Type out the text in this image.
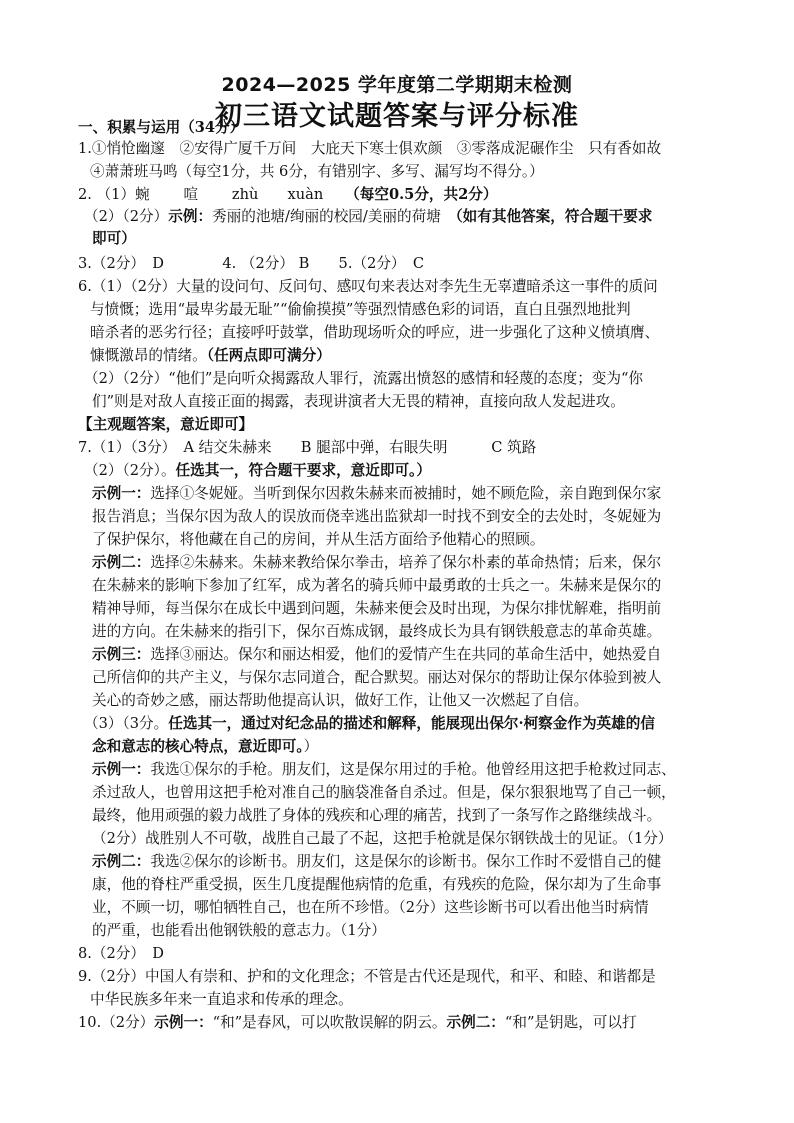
2024—2025 学年度第二学期期末检测
初三语文试题答案与评分标准
一、积累与运用（34分）
1.①悄怆幽邃　②安得广厦千万间　大庇天下寒士俱欢颜　③零落成泥碾作尘　只有香如故
④萧萧班马鸣（每空1分，共 6分，有错别字、多写、漏写均不得分。）
2. （1）蜿　　 喧　　 zhù　　xuàn　　（每空0.5分，共2分）
（2）（2分）示例：秀丽的池塘/绚丽的校园/美丽的荷塘　（如有其他答案，符合题干要求
即可）
3.（2分）　D　　　　4. （2分） B　　5.（2分）　C
6.（1）（2分）大量的设问句、反问句、感叹句来表达对李先生无辜遭暗杀这一事件的质问
与愤慨；选用“最卑劣最无耻”“偷偷摸摸”等强烈情感色彩的词语，直白且强烈地批判
暗杀者的恶劣行径；直接呼吁鼓掌，借助现场听众的呼应，进一步强化了这种义愤填膺、
慷慨激昂的情绪。（任两点即可满分）
（2）（2分）“他们”是向听众揭露敌人罪行，流露出愤怒的感情和轻蔑的态度；变为“你
们”则是对敌人直接正面的揭露，表现讲演者大无畏的精神，直接向敌人发起进攻。
【主观题答案，意近即可】
7.（1）（3分）　A 结交朱赫来　　B 腿部中弹，右眼失明　　　C 筑路
（2）（2分）。任选其一，符合题干要求，意近即可。）
示例一：选择①冬妮娅。当听到保尔因救朱赫来而被捕时，她不顾危险，亲自跑到保尔家
报告消息；当保尔因为敌人的误放而侥幸逃出监狱却一时找不到安全的去处时，冬妮娅为
了保护保尔，将他藏在自己的房间，并从生活方面给予他精心的照顾。
示例二：选择②朱赫来。朱赫来教给保尔拳击，培养了保尔朴素的革命热情；后来，保尔
在朱赫来的影响下参加了红军，成为著名的骑兵师中最勇敢的士兵之一。朱赫来是保尔的
精神导师，每当保尔在成长中遇到问题，朱赫来便会及时出现，为保尔排忧解难，指明前
进的方向。在朱赫来的指引下，保尔百炼成钢，最终成长为具有钢铁般意志的革命英雄。
示例三：选择③丽达。保尔和丽达相爱，他们的爱情产生在共同的革命生活中，她热爱自
己所信仰的共产主义，与保尔志同道合，配合默契。丽达对保尔的帮助让保尔体验到被人
关心的奇妙之感，丽达帮助他提高认识，做好工作，让他又一次燃起了自信。
（3）（3分。任选其一，通过对纪念品的描述和解释，能展现出保尔·柯察金作为英雄的信
念和意志的核心特点，意近即可。）
示例一：我选①保尔的手枪。朋友们，这是保尔用过的手枪。他曾经用这把手枪救过同志、
杀过敌人，也曾用这把手枪对准自己的脑袋准备自杀过。但是，保尔狠狠地骂了自己一顿，
最终，他用顽强的毅力战胜了身体的残疾和心理的痛苦，找到了一条写作之路继续战斗。
（2分）战胜别人不可敬，战胜自己最了不起，这把手枪就是保尔钢铁战士的见证。（1分）
示例二：我选②保尔的诊断书。朋友们，这是保尔的诊断书。保尔工作时不爱惜自己的健
康，他的脊柱严重受损，医生几度提醒他病情的危重，有残疾的危险，保尔却为了生命事
业，不顾一切，哪怕牺牲自己，也在所不珍惜。（2分）这些诊断书可以看出他当时病情
的严重，也能看出他钢铁般的意志力。（1分）
8.（2分）　D
9.（2分）中国人有崇和、护和的文化理念；不管是古代还是现代，和平、和睦、和谐都是
中华民族多年来一直追求和传承的理念。
10.（2分）示例一：“和”是春风，可以吹散误解的阴云。示例二：“和”是钥匙，可以打
